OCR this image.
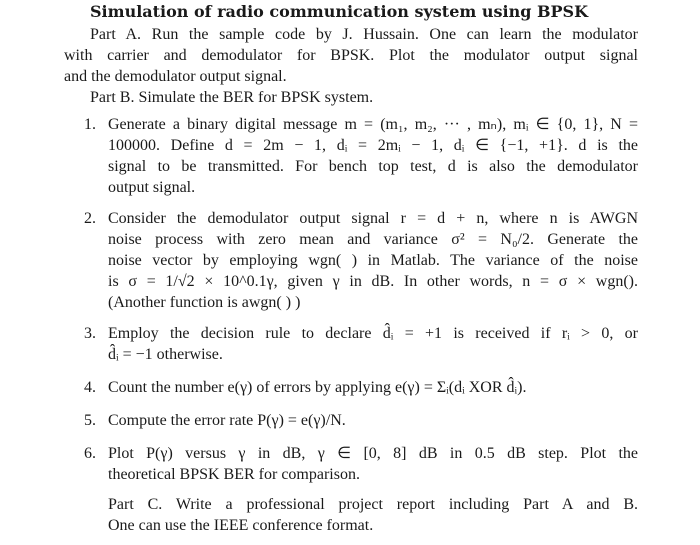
Simulation of radio communication system using BPSK
Part A. Run the sample code by J. Hussain. One can learn the modulator
with carrier and demodulator for BPSK. Plot the modulator output signal
and the demodulator output signal.
Part B. Simulate the BER for BPSK system.
1. Generate a binary digital message m = (m₁, m₂, ··· , mₙ), mᵢ ∈ {0, 1}, N =
100000. Define d = 2m − 1, dᵢ = 2mᵢ − 1, dᵢ ∈ {−1, +1}. d is the
signal to be transmitted. For bench top test, d is also the demodulator
output signal.
2. Consider the demodulator output signal r = d + n, where n is AWGN
noise process with zero mean and variance σ² = N₀/2. Generate the
noise vector by employing wgn( ) in Matlab. The variance of the noise
is σ = 1/√2 × 10^0.1γ, given γ in dB. In other words, n = σ × wgn().
(Another function is awgn( ) )
3. Employ the decision rule to declare d̂ᵢ = +1 is received if rᵢ > 0, or
d̂ᵢ = −1 otherwise.
4. Count the number e(γ) of errors by applying e(γ) = Σᵢ(dᵢ XOR d̂ᵢ).
5. Compute the error rate P(γ) = e(γ)/N.
6. Plot P(γ) versus γ in dB, γ ∈ [0, 8] dB in 0.5 dB step. Plot the
theoretical BPSK BER for comparison.
Part C. Write a professional project report including Part A and B.
One can use the IEEE conference format.
